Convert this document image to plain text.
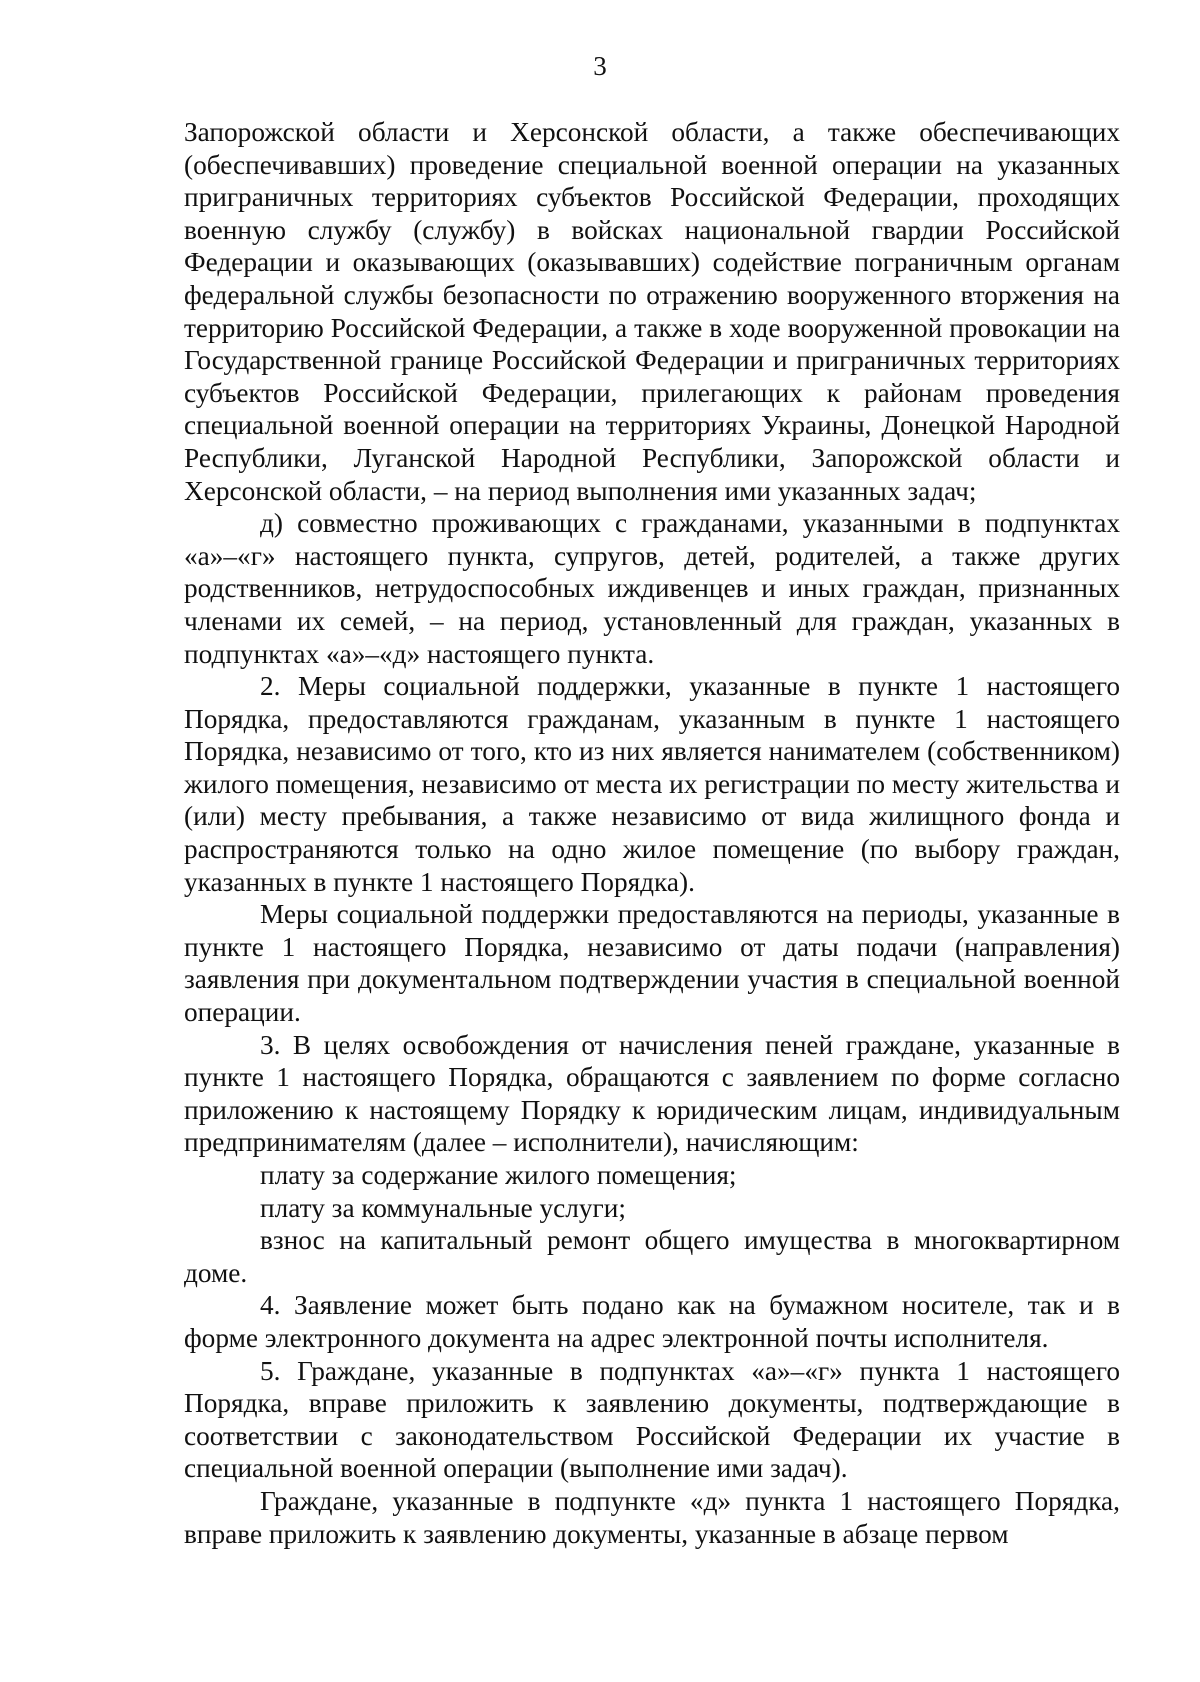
3

Запорожской области и Херсонской области, а также обеспечивающих (обеспечивавших) проведение специальной военной операции на указанных приграничных территориях субъектов Российской Федерации, проходящих военную службу (службу) в войсках национальной гвардии Российской Федерации и оказывающих (оказывавших) содействие пограничным органам федеральной службы безопасности по отражению вооруженного вторжения на территорию Российской Федерации, а также в ходе вооруженной провокации на Государственной границе Российской Федерации и приграничных территориях субъектов Российской Федерации, прилегающих к районам проведения специальной военной операции на территориях Украины, Донецкой Народной Республики, Луганской Народной Республики, Запорожской области и Херсонской области, – на период выполнения ими указанных задач;

д) совместно проживающих с гражданами, указанными в подпунктах «а»–«г» настоящего пункта, супругов, детей, родителей, а также других родственников, нетрудоспособных иждивенцев и иных граждан, признанных членами их семей, – на период, установленный для граждан, указанных в подпунктах «а»–«д» настоящего пункта.

2. Меры социальной поддержки, указанные в пункте 1 настоящего Порядка, предоставляются гражданам, указанным в пункте 1 настоящего Порядка, независимо от того, кто из них является нанимателем (собственником) жилого помещения, независимо от места их регистрации по месту жительства и (или) месту пребывания, а также независимо от вида жилищного фонда и распространяются только на одно жилое помещение (по выбору граждан, указанных в пункте 1 настоящего Порядка).

Меры социальной поддержки предоставляются на периоды, указанные в пункте 1 настоящего Порядка, независимо от даты подачи (направления) заявления при документальном подтверждении участия в специальной военной операции.

3. В целях освобождения от начисления пеней граждане, указанные в пункте 1 настоящего Порядка, обращаются с заявлением по форме согласно приложению к настоящему Порядку к юридическим лицам, индивидуальным предпринимателям (далее – исполнители), начисляющим:

плату за содержание жилого помещения;

плату за коммунальные услуги;

взнос на капитальный ремонт общего имущества в многоквартирном доме.

4. Заявление может быть подано как на бумажном носителе, так и в форме электронного документа на адрес электронной почты исполнителя.

5. Граждане, указанные в подпунктах «а»–«г» пункта 1 настоящего Порядка, вправе приложить к заявлению документы, подтверждающие в соответствии с законодательством Российской Федерации их участие в специальной военной операции (выполнение ими задач).

Граждане, указанные в подпункте «д» пункта 1 настоящего Порядка, вправе приложить к заявлению документы, указанные в абзаце первом
